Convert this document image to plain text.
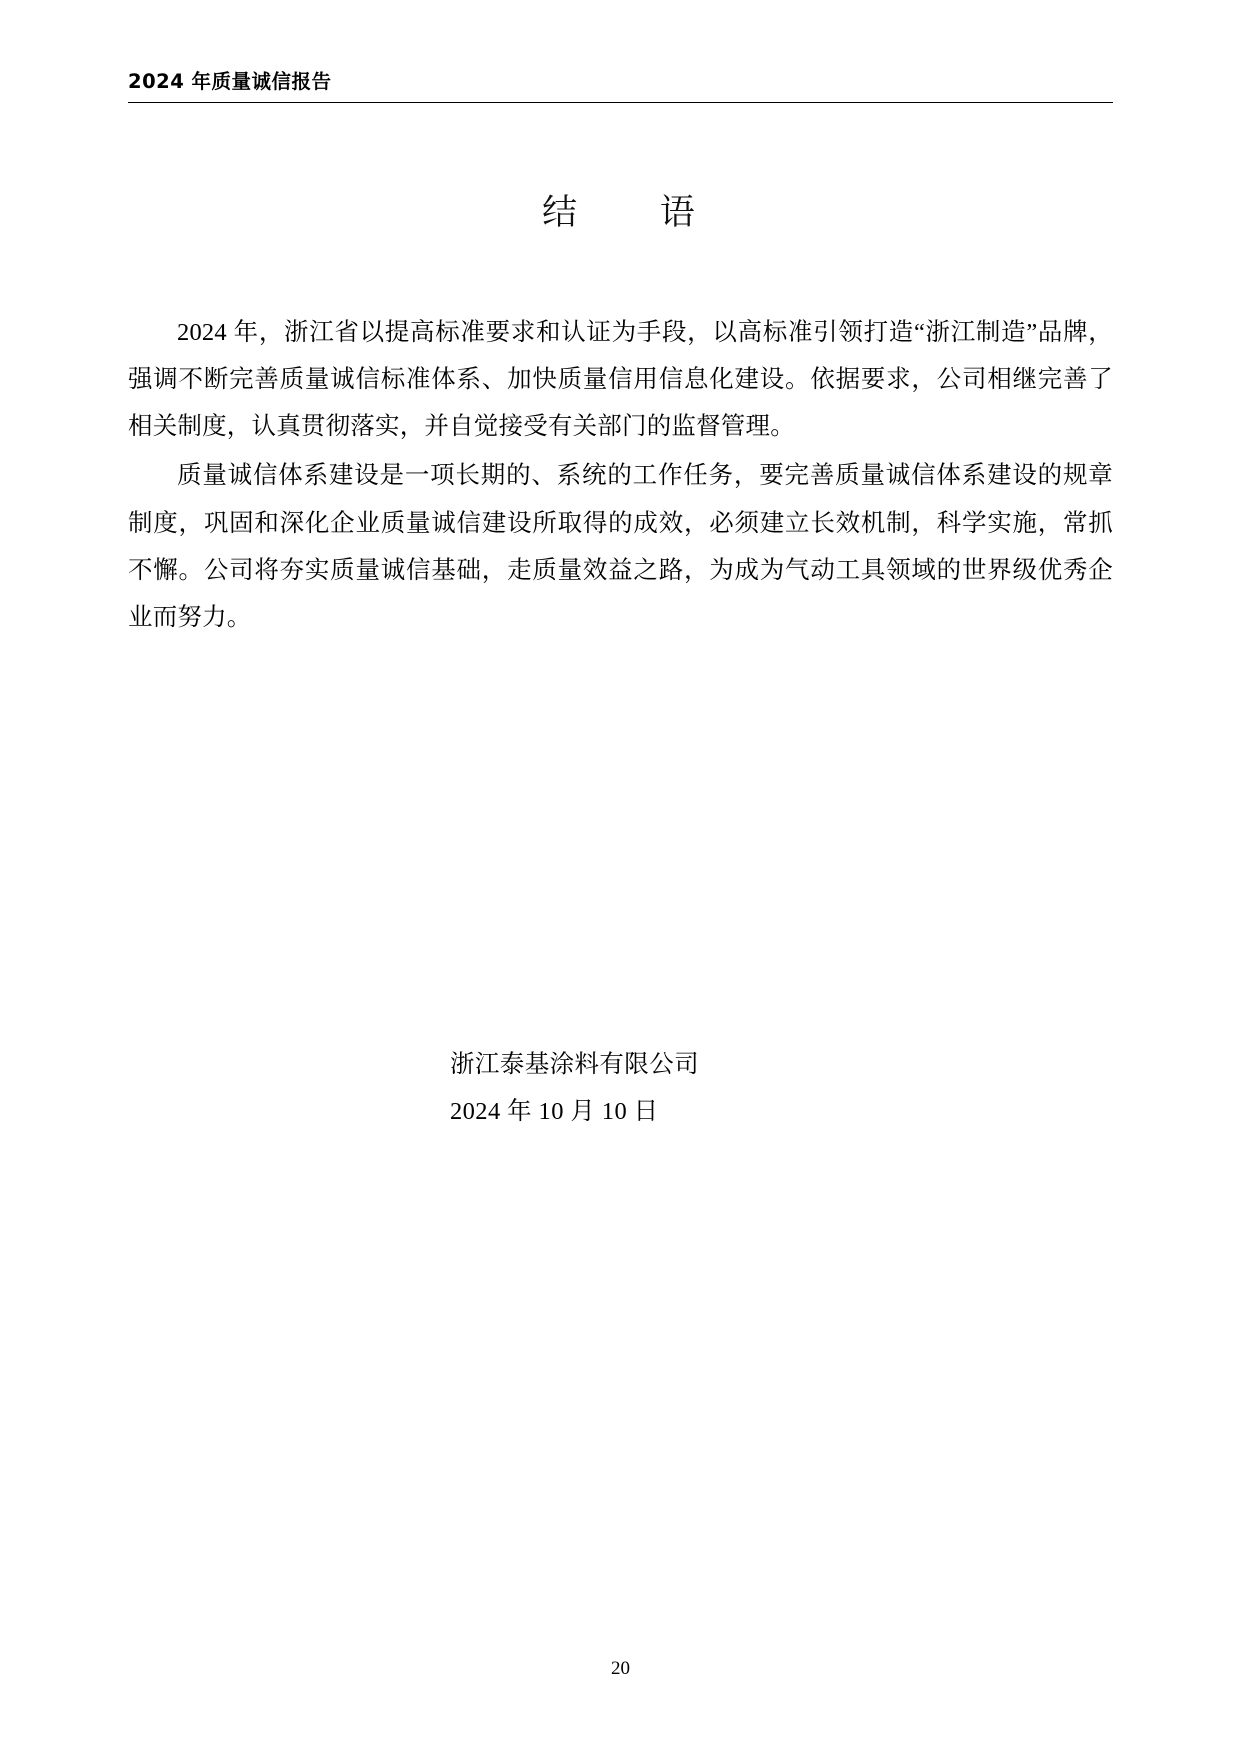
2024 年质量诚信报告
结　　语

2024 年，浙江省以提高标准要求和认证为手段，以高标准引领打造“浙江制造”品牌，强调不断完善质量诚信标准体系、加快质量信用信息化建设。依据要求，公司相继完善了相关制度，认真贯彻落实，并自觉接受有关部门的监督管理。

质量诚信体系建设是一项长期的、系统的工作任务，要完善质量诚信体系建设的规章制度，巩固和深化企业质量诚信建设所取得的成效，必须建立长效机制，科学实施，常抓不懈。公司将夯实质量诚信基础，走质量效益之路，为成为气动工具领域的世界级优秀企业而努力。

浙江泰基涂料有限公司
2024 年 10 月 10 日
20
